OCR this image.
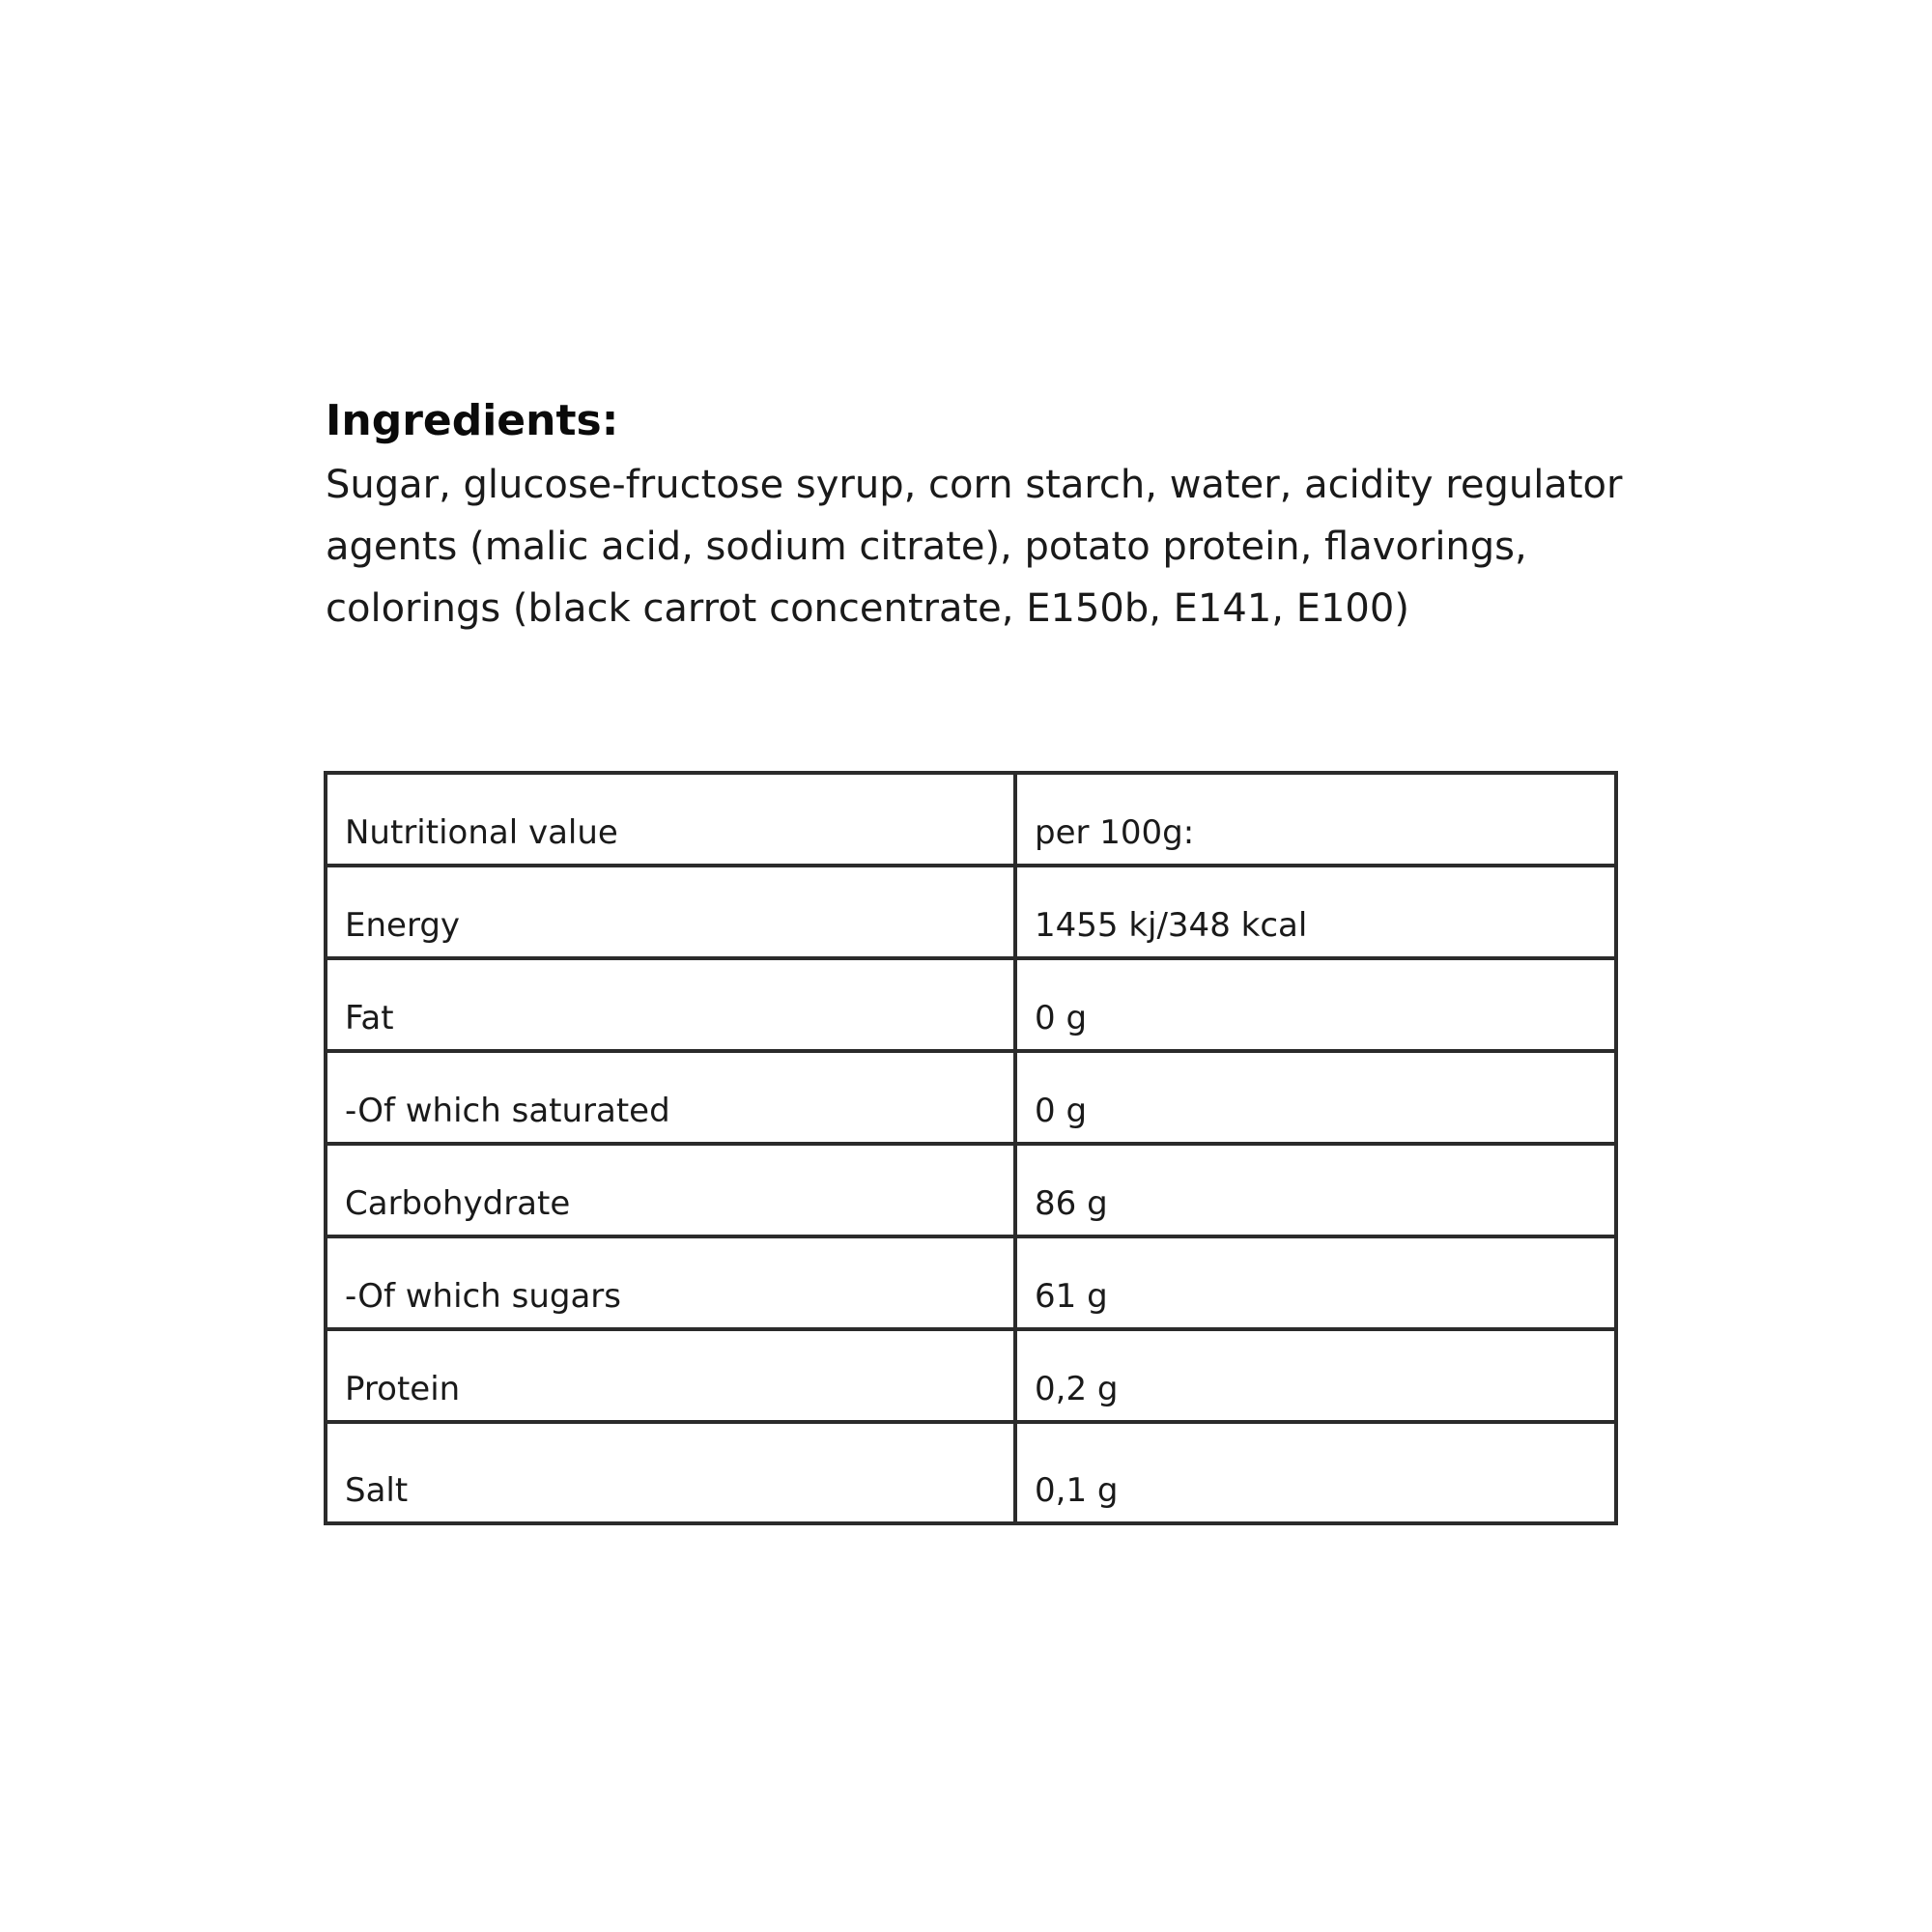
Ingredients:

Sugar, glucose-fructose syrup, corn starch, water, acidity regulator
agents (malic acid, sodium citrate), potato protein, flavorings,
colorings (black carrot concentrate, E150b, E141, E100)

Nutritional value	per 100g:
Energy	1455 kj/348 kcal
Fat	0 g
-Of which saturated	0 g
Carbohydrate	86 g
-Of which sugars	61 g
Protein	0,2 g
Salt	0,1 g
